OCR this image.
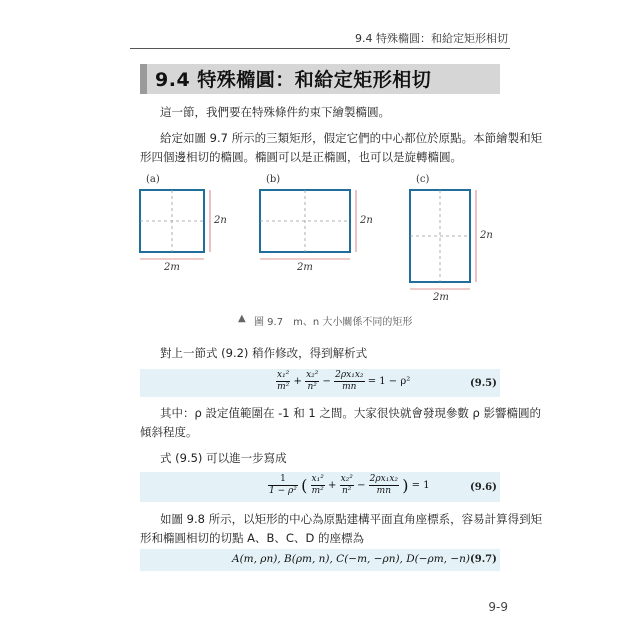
9.4 特殊橢圓：和給定矩形相切
9.4 特殊橢圓：和給定矩形相切
這一節，我們要在特殊條件約束下繪製橢圓。
給定如圖 9.7 所示的三類矩形，假定它們的中心都位於原點。本節繪製和矩
形四個邊相切的橢圓。橢圓可以是正橢圓，也可以是旋轉橢圓。
(a)	(b)	(c)
2m
2n
2m
2n
2m
2n
▲ 圖 9.7　m、n 大小關係不同的矩形
對上一節式 (9.2) 稍作修改，得到解析式
$\frac{\text{x₁²}}{\text{m²}} + \frac{\text{x₂²}}{\text{n²}} - \frac{\text{2ρx₁x₂}}{mn} = 1 - \rho^2$	(9.5)
其中：ρ 設定值範圍在 -1 和 1 之間。大家很快就會發現參數 ρ 影響橢圓的
傾斜程度。
式 (9.5) 可以進一步寫成
$\frac{1}{\text{1 − ρ²}}$ ( $\frac{\text{x₁²}}{\text{m²}} + \frac{\text{x₂²}}{\text{n²}} - \frac{\text{2ρx₁x₂}}{mn}$ ) = 1	(9.6)
如圖 9.8 所示，以矩形的中心為原點建構平面直角座標系，容易計算得到矩
形和橢圓相切的切點 A、B、C、D 的座標為
A(m, ρn), B(ρm, n), C(−m, −ρn), D(−ρm, −n) (9.7)
9-9
